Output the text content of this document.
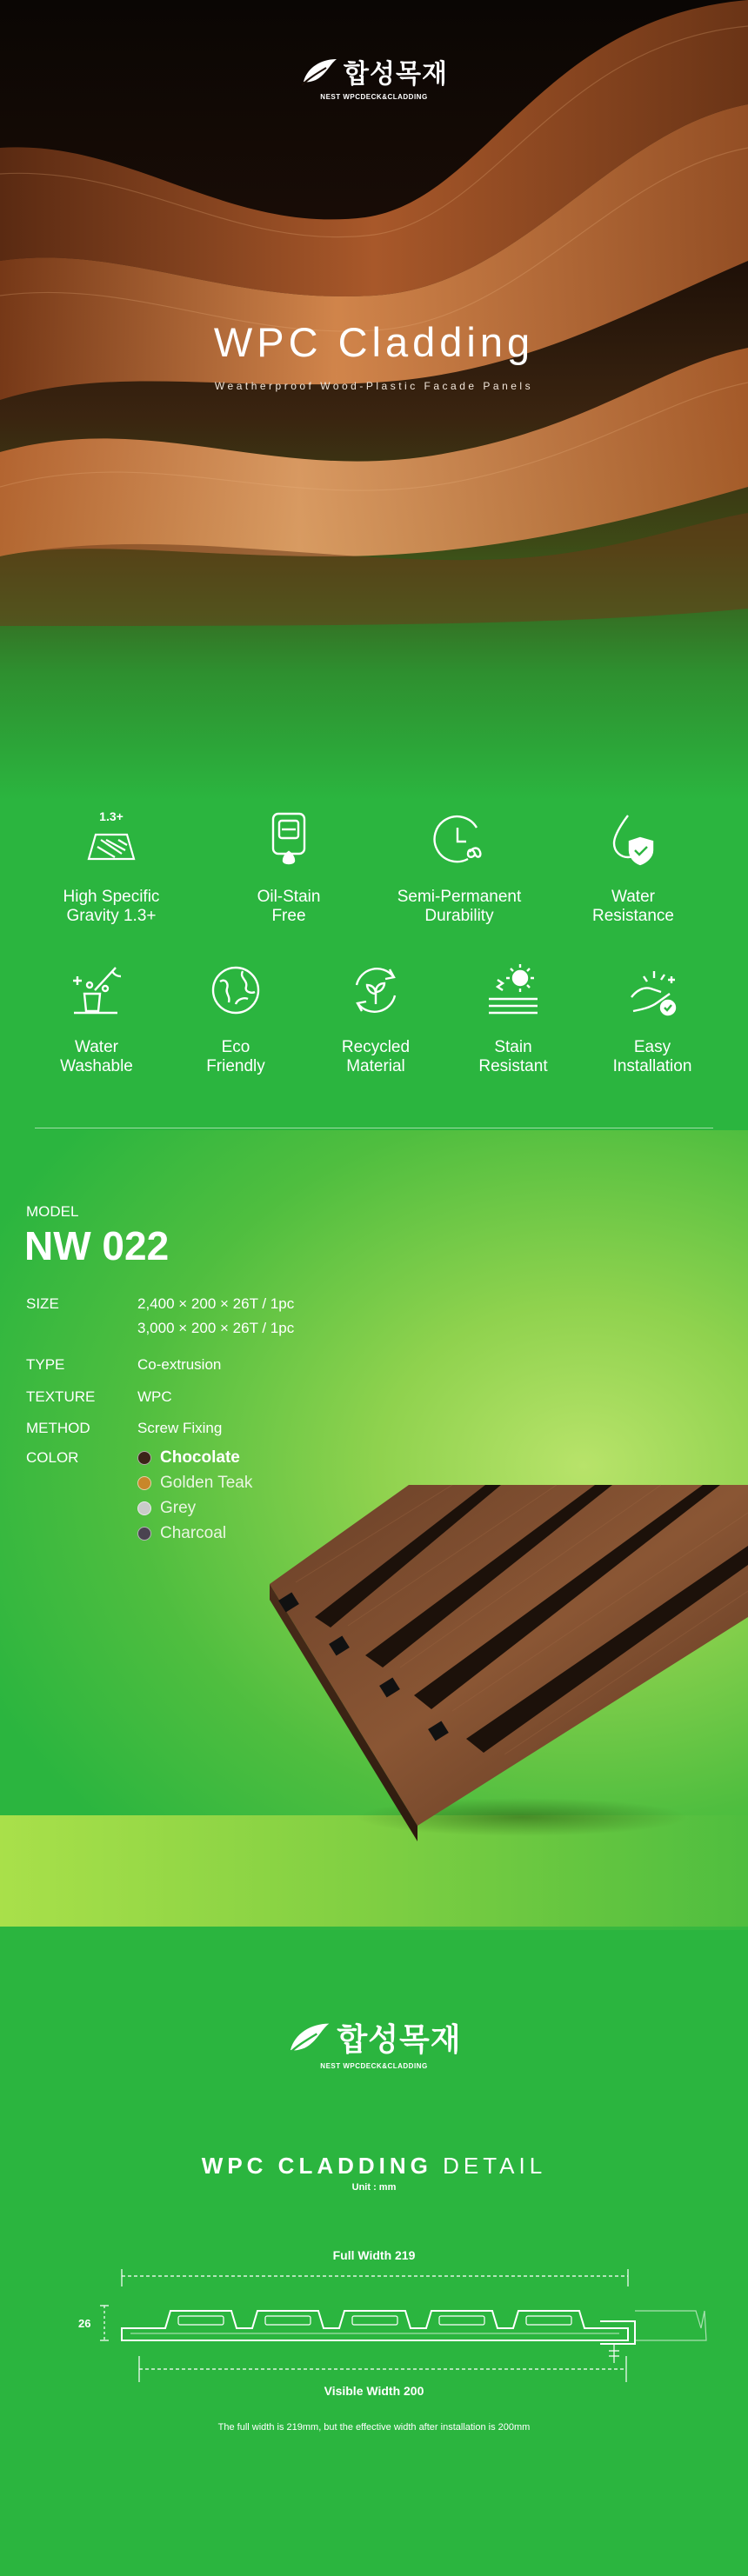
합성목재
NEST WPCDECK&CLADDING
WPC Cladding
Weatherproof Wood-Plastic Facade Panels
1.3+
High Specific
Gravity 1.3+
Oil-Stain
Free
Semi-Permanent
Durability
Water
Resistance
Water
Washable
Eco
Friendly
Recycled
Material
Stain
Resistant
Easy
Installation
MODEL
NW 022
SIZE	2,400 × 200 × 26T / 1pc
3,000 × 200 × 26T / 1pc
TYPE	Co-extrusion
TEXTURE	WPC
METHOD	Screw Fixing
COLOR	Chocolate
Golden Teak
Grey
Charcoal
합성목재
NEST WPCDECK&CLADDING
WPC CLADDING DETAIL
Unit : mm
Full Width 219
26
Visible Width 200
The full width is 219mm, but the effective width after installation is 200mm
